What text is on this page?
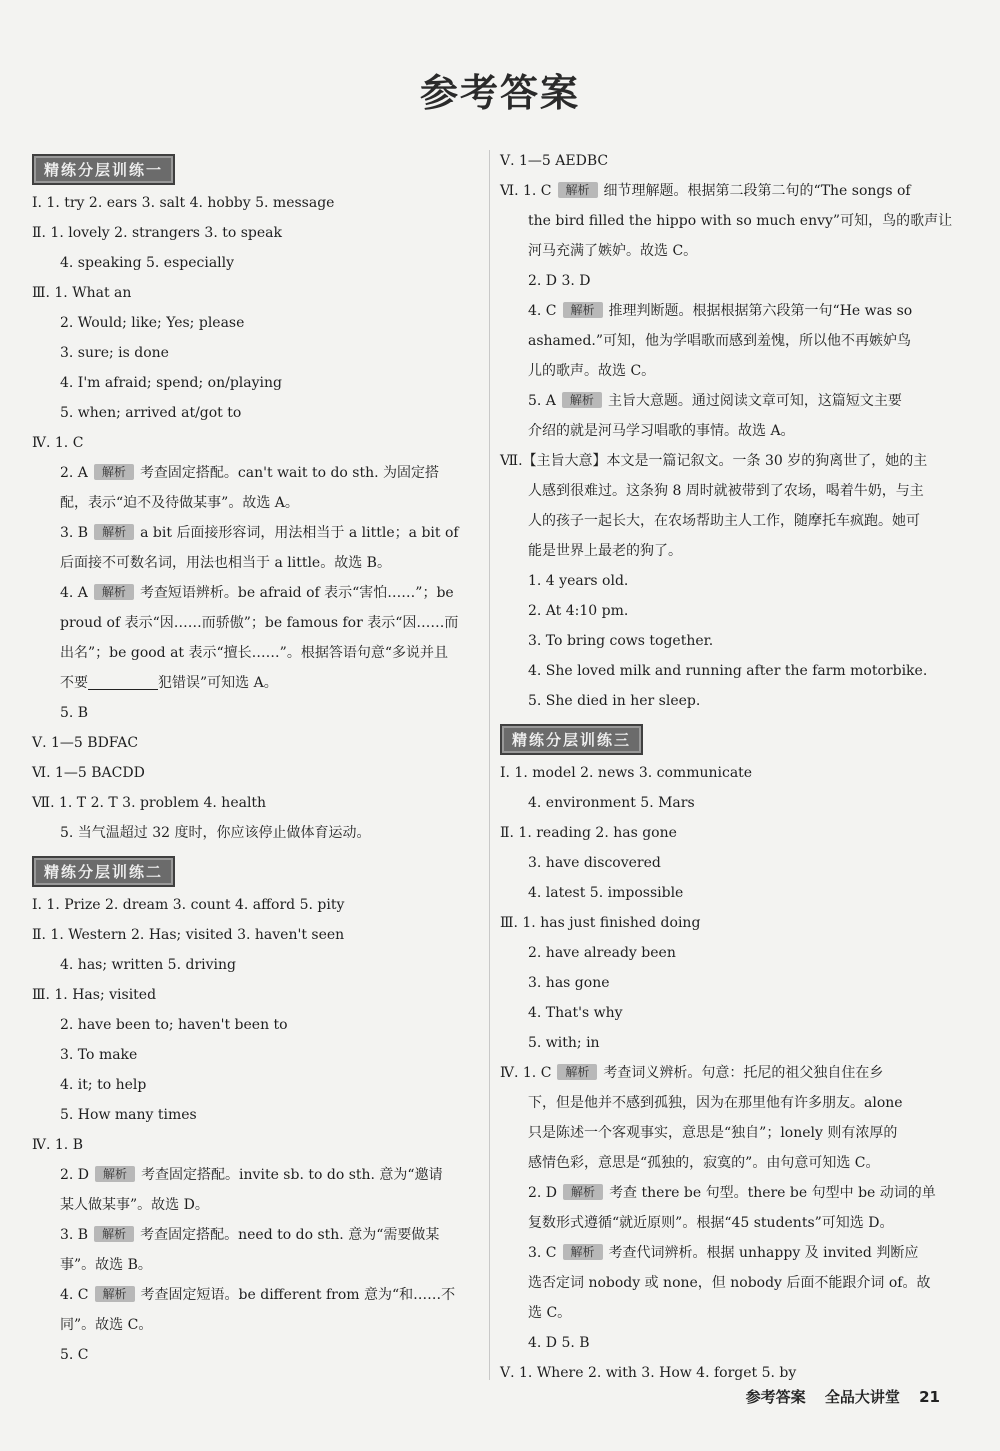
参考答案
精练分层训练一
Ⅰ. 1. try 2. ears 3. salt 4. hobby 5. message
Ⅱ. 1. lovely 2. strangers 3. to speak
4. speaking 5. especially
Ⅲ. 1. What an
2. Would; like; Yes; please
3. sure; is done
4. I'm afraid; spend; on/playing
5. when; arrived at/got to
Ⅳ. 1. C
2. A 解析 考查固定搭配。can't wait to do sth. 为固定搭
配，表示“迫不及待做某事”。故选 A。
3. B 解析 a bit 后面接形容词，用法相当于 a little；a bit of
后面接不可数名词，用法也相当于 a little。故选 B。
4. A 解析 考查短语辨析。be afraid of 表示“害怕……”；be
proud of 表示“因……而骄傲”；be famous for 表示“因……而
出名”；be good at 表示“擅长……”。根据答语句意“多说并且
不要	犯错误”可知选 A。
5. B
Ⅴ. 1—5 BDFAC
Ⅵ. 1—5 BACDD
Ⅶ. 1. T 2. T 3. problem 4. health
5. 当气温超过 32 度时，你应该停止做体育运动。
精练分层训练二
Ⅰ. 1. Prize 2. dream 3. count 4. afford 5. pity
Ⅱ. 1. Western 2. Has; visited 3. haven't seen
4. has; written 5. driving
Ⅲ. 1. Has; visited
2. have been to; haven't been to
3. To make
4. it; to help
5. How many times
Ⅳ. 1. B
2. D 解析 考查固定搭配。invite sb. to do sth. 意为“邀请
某人做某事”。故选 D。
3. B 解析 考查固定搭配。need to do sth. 意为“需要做某
事”。故选 B。
4. C 解析 考查固定短语。be different from 意为“和……不
同”。故选 C。
5. C
Ⅴ. 1—5 AEDBC
Ⅵ. 1. C 解析 细节理解题。根据第二段第二句的“The songs of
the bird filled the hippo with so much envy”可知，鸟的歌声让
河马充满了嫉妒。故选 C。
2. D 3. D
4. C 解析 推理判断题。根据根据第六段第一句“He was so
ashamed.”可知，他为学唱歌而感到羞愧，所以他不再嫉妒鸟
儿的歌声。故选 C。
5. A 解析 主旨大意题。通过阅读文章可知，这篇短文主要
介绍的就是河马学习唱歌的事情。故选 A。
Ⅶ.【主旨大意】本文是一篇记叙文。一条 30 岁的狗离世了，她的主
人感到很难过。这条狗 8 周时就被带到了农场，喝着牛奶，与主
人的孩子一起长大，在农场帮助主人工作，随摩托车疯跑。她可
能是世界上最老的狗了。
1. 4 years old.
2. At 4:10 pm.
3. To bring cows together.
4. She loved milk and running after the farm motorbike.
5. She died in her sleep.
精练分层训练三
Ⅰ. 1. model 2. news 3. communicate
4. environment 5. Mars
Ⅱ. 1. reading 2. has gone
3. have discovered
4. latest 5. impossible
Ⅲ. 1. has just finished doing
2. have already been
3. has gone
4. That's why
5. with; in
Ⅳ. 1. C 解析 考查词义辨析。句意：托尼的祖父独自住在乡
下，但是他并不感到孤独，因为在那里他有许多朋友。alone
只是陈述一个客观事实，意思是“独自”；lonely 则有浓厚的
感情色彩，意思是“孤独的，寂寞的”。由句意可知选 C。
2. D 解析 考查 there be 句型。there be 句型中 be 动词的单
复数形式遵循“就近原则”。根据“45 students”可知选 D。
3. C 解析 考查代词辨析。根据 unhappy 及 invited 判断应
选否定词 nobody 或 none，但 nobody 后面不能跟介词 of。故
选 C。
4. D 5. B
Ⅴ. 1. Where 2. with 3. How 4. forget 5. by
参考答案 全品大讲堂 21
